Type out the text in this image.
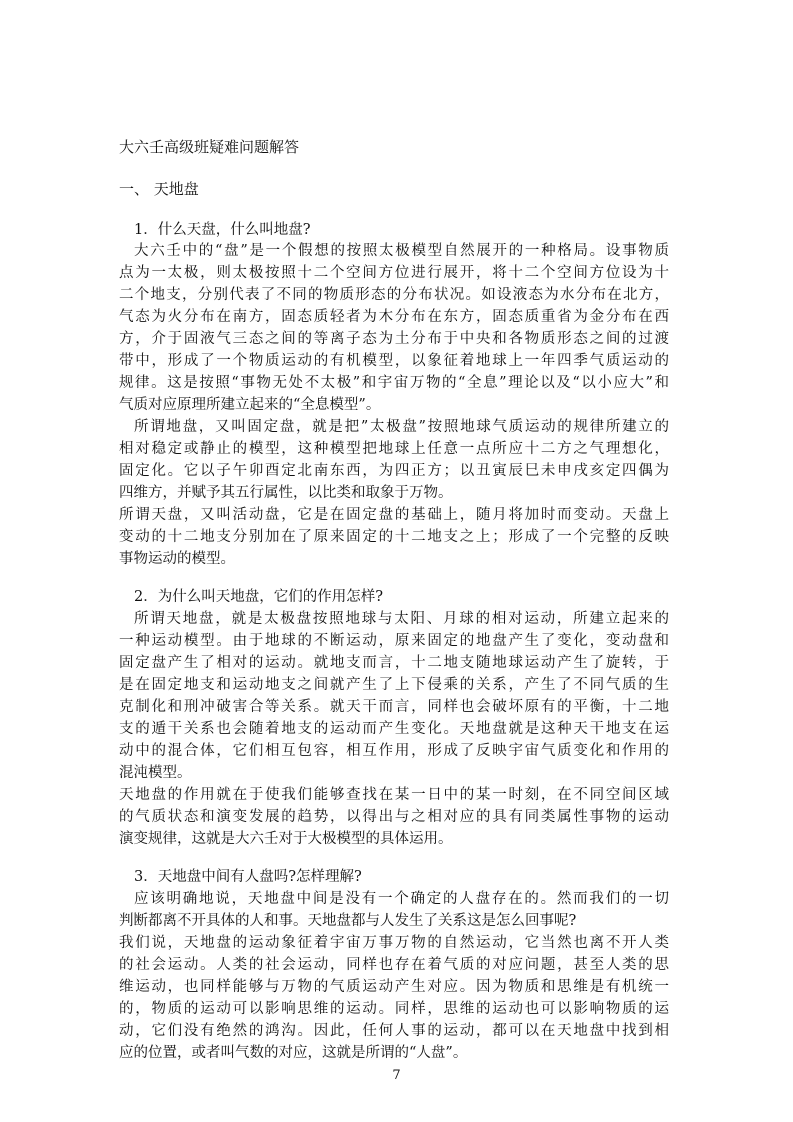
大六壬高级班疑难问题解答
一、 天地盘
1．什么天盘，什么叫地盘?
大六壬中的“盘”是一个假想的按照太极模型自然展开的一种格局。设事物质
点为一太极，则太极按照十二个空间方位进行展开，将十二个空间方位设为十
二个地支，分别代表了不同的物质形态的分布状况。如设液态为水分布在北方，
气态为火分布在南方，固态质轻者为木分布在东方，固态质重省为金分布在西
方，介于固液气三态之间的等离子态为土分布于中央和各物质形态之间的过渡
带中，形成了一个物质运动的有机模型，以象征着地球上一年四季气质运动的
规律。这是按照“事物无处不太极”和宇宙万物的“全息”理论以及“以小应大”和
气质对应原理所建立起来的“全息模型”。
所谓地盘，又叫固定盘，就是把”太极盘”按照地球气质运动的规律所建立的
相对稳定或静止的模型，这种模型把地球上任意一点所应十二方之气理想化，
固定化。它以子午卯酉定北南东西，为四正方；以丑寅辰巳未申戌亥定四偶为
四维方，并赋予其五行属性，以比类和取象于万物。
所谓天盘，又叫活动盘，它是在固定盘的基础上，随月将加时而变动。天盘上
变动的十二地支分别加在了原来固定的十二地支之上；形成了一个完整的反映
事物运动的模型。
2．为什么叫天地盘，它们的作用怎样?
所谓天地盘，就是太极盘按照地球与太阳、月球的相对运动，所建立起来的
一种运动模型。由于地球的不断运动，原来固定的地盘产生了变化，变动盘和
固定盘产生了相对的运动。就地支而言，十二地支随地球运动产生了旋转，于
是在固定地支和运动地支之间就产生了上下侵乘的关系，产生了不同气质的生
克制化和刑冲破害合等关系。就天干而言，同样也会破坏原有的平衡，十二地
支的遁干关系也会随着地支的运动而产生变化。天地盘就是这种天干地支在运
动中的混合体，它们相互包容，相互作用，形成了反映宇宙气质变化和作用的
混沌模型。
天地盘的作用就在于使我们能够查找在某一日中的某一时刻，在不同空间区域
的气质状态和演变发展的趋势，以得出与之相对应的具有同类属性事物的运动
演变规律，这就是大六壬对于大极模型的具体运用。
3．天地盘中间有人盘吗?怎样理解?
应该明确地说，天地盘中间是没有一个确定的人盘存在的。然而我们的一切
判断都离不开具体的人和事。天地盘都与人发生了关系这是怎么回事呢?
我们说，天地盘的运动象征着宇宙万事万物的自然运动，它当然也离不开人类
的社会运动。人类的社会运动，同样也存在着气质的对应问题，甚至人类的思
维运动，也同样能够与万物的气质运动产生对应。因为物质和思维是有机统一
的，物质的运动可以影响思维的运动。同样，思维的运动也可以影响物质的运
动，它们没有绝然的鸿沟。因此，任何人事的运动，都可以在天地盘中找到相
应的位置，或者叫气数的对应，这就是所谓的“人盘”。
7
